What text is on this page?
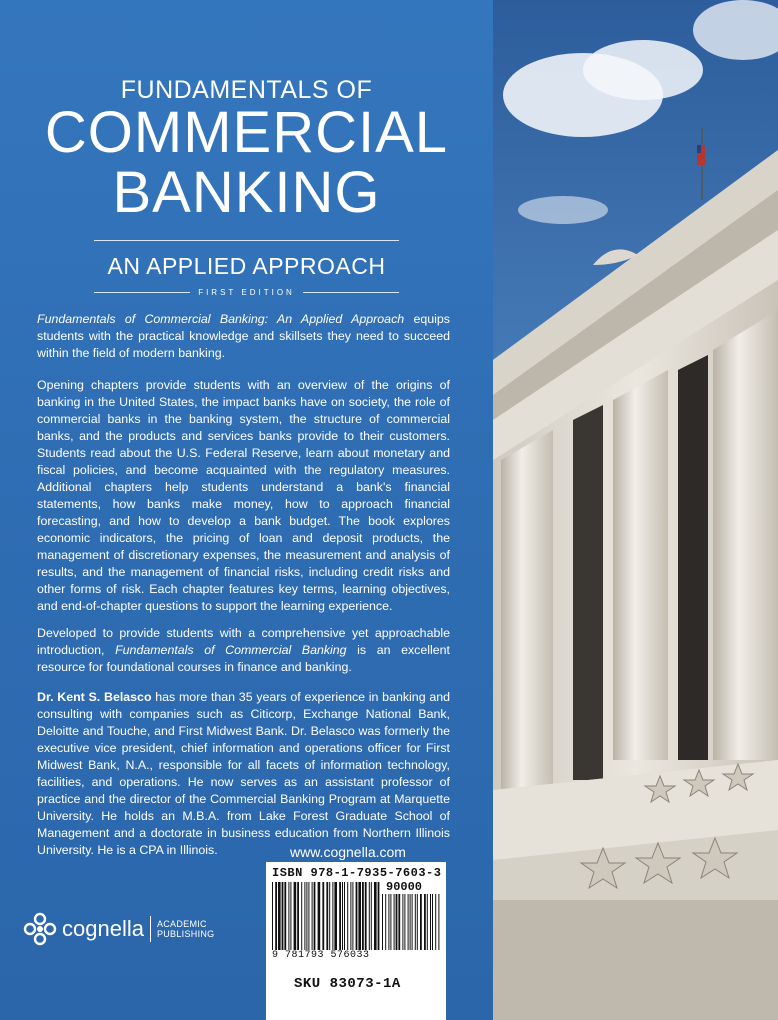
FUNDAMENTALS OF
COMMERCIAL
BANKING
AN APPLIED APPROACH
FIRST EDITION

Fundamentals of Commercial Banking: An Applied Approach equips students with the practical knowledge and skillsets they need to succeed within the field of modern banking.

Opening chapters provide students with an overview of the origins of banking in the United States, the impact banks have on society, the role of commercial banks in the banking system, the structure of commercial banks, and the products and services banks provide to their customers. Students read about the U.S. Federal Reserve, learn about monetary and fiscal policies, and become acquainted with the regulatory measures. Additional chapters help students understand a bank's financial statements, how banks make money, how to approach financial forecasting, and how to develop a bank budget. The book explores economic indicators, the pricing of loan and deposit products, the management of discretionary expenses, the measurement and analysis of results, and the management of financial risks, including credit risks and other forms of risk. Each chapter features key terms, learning objectives, and end-of-chapter questions to support the learning experience.

Developed to provide students with a comprehensive yet approachable introduction, Fundamentals of Commercial Banking is an excellent resource for foundational courses in finance and banking.

Dr. Kent S. Belasco has more than 35 years of experience in banking and consulting with companies such as Citicorp, Exchange National Bank, Deloitte and Touche, and First Midwest Bank. Dr. Belasco was formerly the executive vice president, chief information and operations officer for First Midwest Bank, N.A., responsible for all facets of information technology, facilities, and operations. He now serves as an assistant professor of practice and the director of the Commercial Banking Program at Marquette University. He holds an M.B.A. from Lake Forest Graduate School of Management and a doctorate in business education from Northern Illinois University. He is a CPA in Illinois.	www.cognella.com
cognella ACADEMIC
PUBLISHING
ISBN 978-1-7935-7603-3
90000
9 781793 576033
SKU 83073-1A
